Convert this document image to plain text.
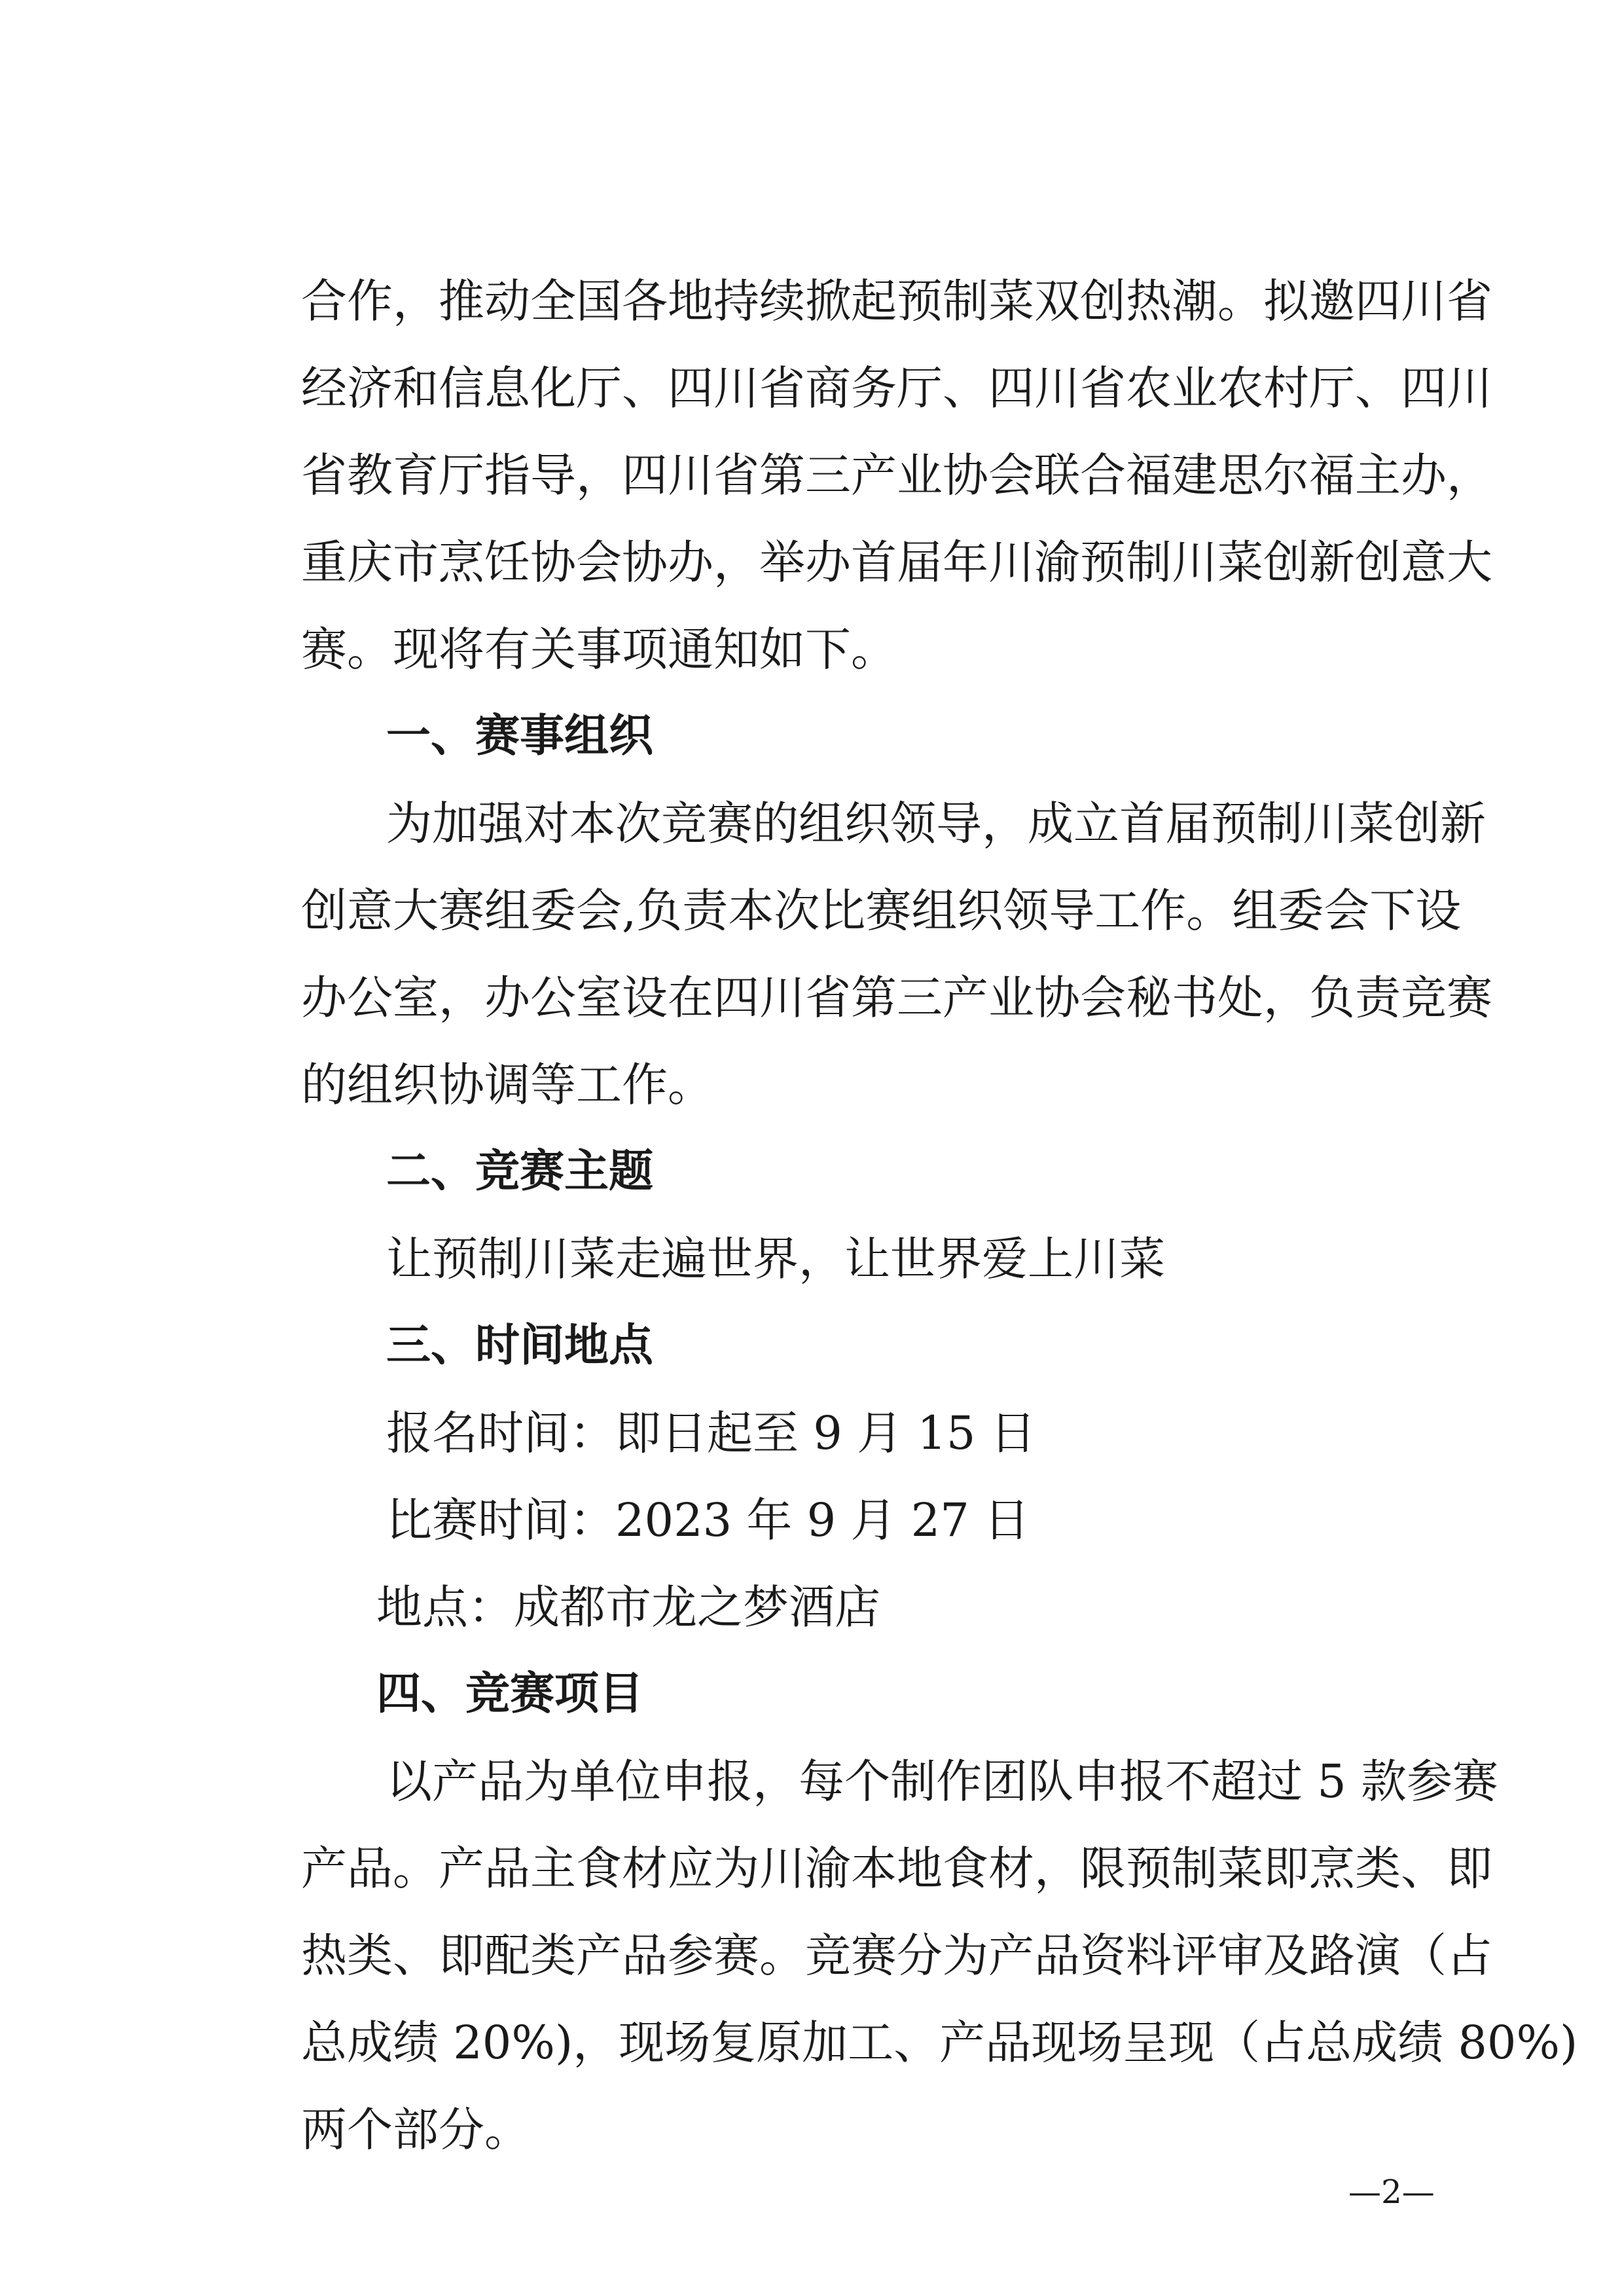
合作，推动全国各地持续掀起预制菜双创热潮。拟邀四川省
经济和信息化厅、四川省商务厅、四川省农业农村厅、四川
省教育厅指导，四川省第三产业协会联合福建思尔福主办，
重庆市烹饪协会协办，举办首届年川渝预制川菜创新创意大
赛。现将有关事项通知如下。
一、赛事组织
为加强对本次竞赛的组织领导，成立首届预制川菜创新
创意大赛组委会,负责本次比赛组织领导工作。组委会下设
办公室，办公室设在四川省第三产业协会秘书处，负责竞赛
的组织协调等工作。
二、竞赛主题
让预制川菜走遍世界，让世界爱上川菜
三、时间地点
报名时间：即日起至 9 月 15 日
比赛时间：2023 年 9 月 27 日
地点：成都市龙之梦酒店
四、竞赛项目
以产品为单位申报，每个制作团队申报不超过 5 款参赛
产品。产品主食材应为川渝本地食材，限预制菜即烹类、即
热类、即配类产品参赛。竞赛分为产品资料评审及路演（占
总成绩 20%)，现场复原加工、产品现场呈现（占总成绩 80%)
两个部分。
—2—
